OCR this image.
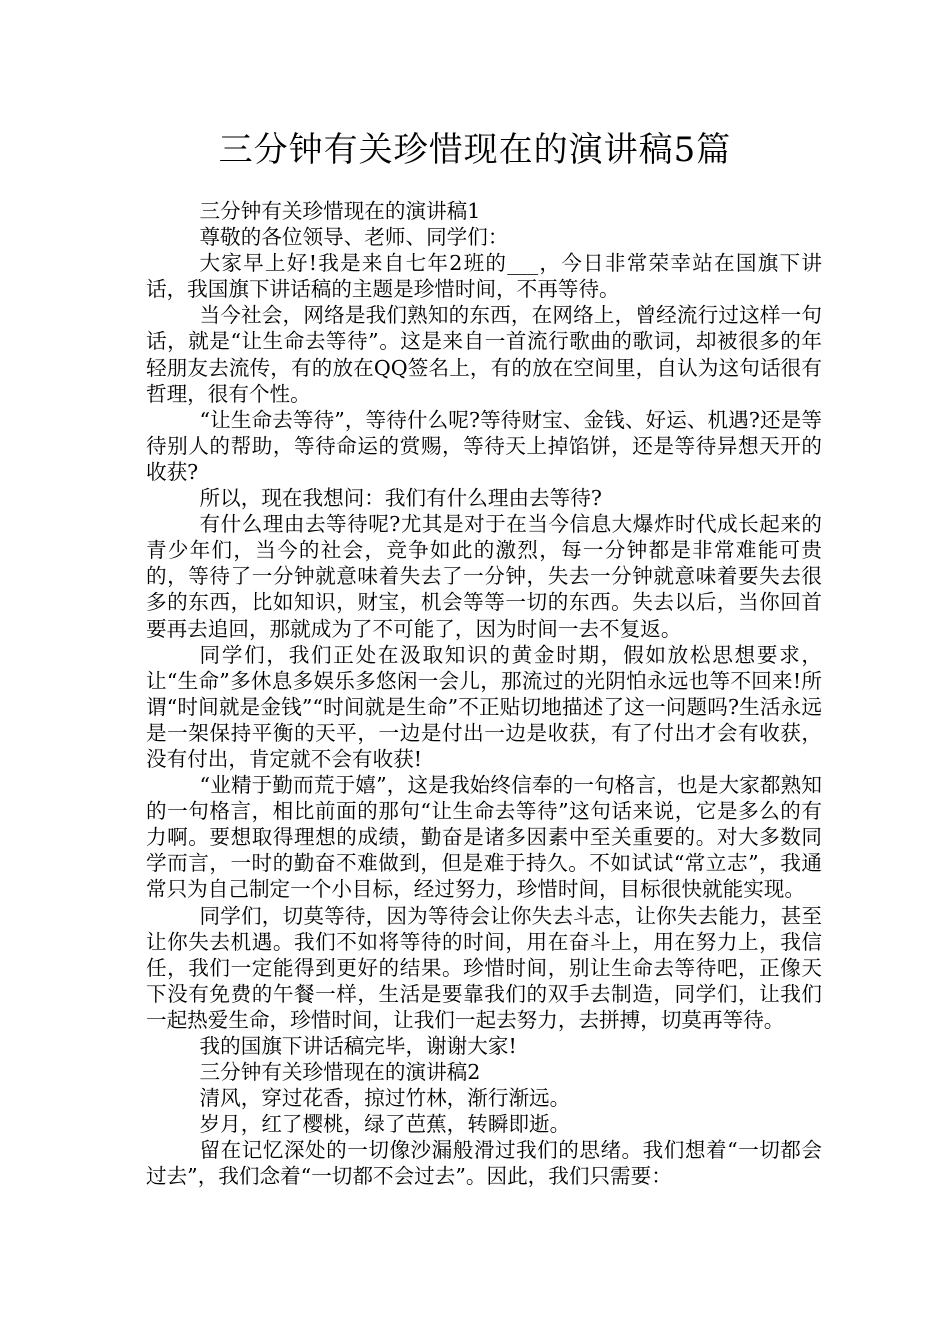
三分钟有关珍惜现在的演讲稿5篇

三分钟有关珍惜现在的演讲稿1

尊敬的各位领导、老师、同学们：

大家早上好!我是来自七年2班的___，今日非常荣幸站在国旗下讲话，我国旗下讲话稿的主题是珍惜时间，不再等待。

当今社会，网络是我们熟知的东西，在网络上，曾经流行过这样一句话，就是“让生命去等待”。这是来自一首流行歌曲的歌词，却被很多的年轻朋友去流传，有的放在QQ签名上，有的放在空间里，自认为这句话很有哲理，很有个性。

“让生命去等待”，等待什么呢?等待财宝、金钱、好运、机遇?还是等待别人的帮助，等待命运的赏赐，等待天上掉馅饼，还是等待异想天开的收获?

所以，现在我想问：我们有什么理由去等待?

有什么理由去等待呢?尤其是对于在当今信息大爆炸时代成长起来的青少年们，当今的社会，竞争如此的激烈，每一分钟都是非常难能可贵的，等待了一分钟就意味着失去了一分钟，失去一分钟就意味着要失去很多的东西，比如知识，财宝，机会等等一切的东西。失去以后，当你回首要再去追回，那就成为了不可能了，因为时间一去不复返。

同学们，我们正处在汲取知识的黄金时期，假如放松思想要求，让“生命”多休息多娱乐多悠闲一会儿，那流过的光阴怕永远也等不回来!所谓“时间就是金钱”“时间就是生命”不正贴切地描述了这一问题吗?生活永远是一架保持平衡的天平，一边是付出一边是收获，有了付出才会有收获，没有付出，肯定就不会有收获!

“业精于勤而荒于嬉”，这是我始终信奉的一句格言，也是大家都熟知的一句格言，相比前面的那句“让生命去等待”这句话来说，它是多么的有力啊。要想取得理想的成绩，勤奋是诸多因素中至关重要的。对大多数同学而言，一时的勤奋不难做到，但是难于持久。不如试试“常立志”，我通常只为自己制定一个小目标，经过努力，珍惜时间，目标很快就能实现。

同学们，切莫等待，因为等待会让你失去斗志，让你失去能力，甚至让你失去机遇。我们不如将等待的时间，用在奋斗上，用在努力上，我信任，我们一定能得到更好的结果。珍惜时间，别让生命去等待吧，正像天下没有免费的午餐一样，生活是要靠我们的双手去制造，同学们，让我们一起热爱生命，珍惜时间，让我们一起去努力，去拼搏，切莫再等待。

我的国旗下讲话稿完毕，谢谢大家!

三分钟有关珍惜现在的演讲稿2

清风，穿过花香，掠过竹林，渐行渐远。

岁月，红了樱桃，绿了芭蕉，转瞬即逝。

留在记忆深处的一切像沙漏般滑过我们的思绪。我们想着“一切都会过去”，我们念着“一切都不会过去”。因此，我们只需要：
